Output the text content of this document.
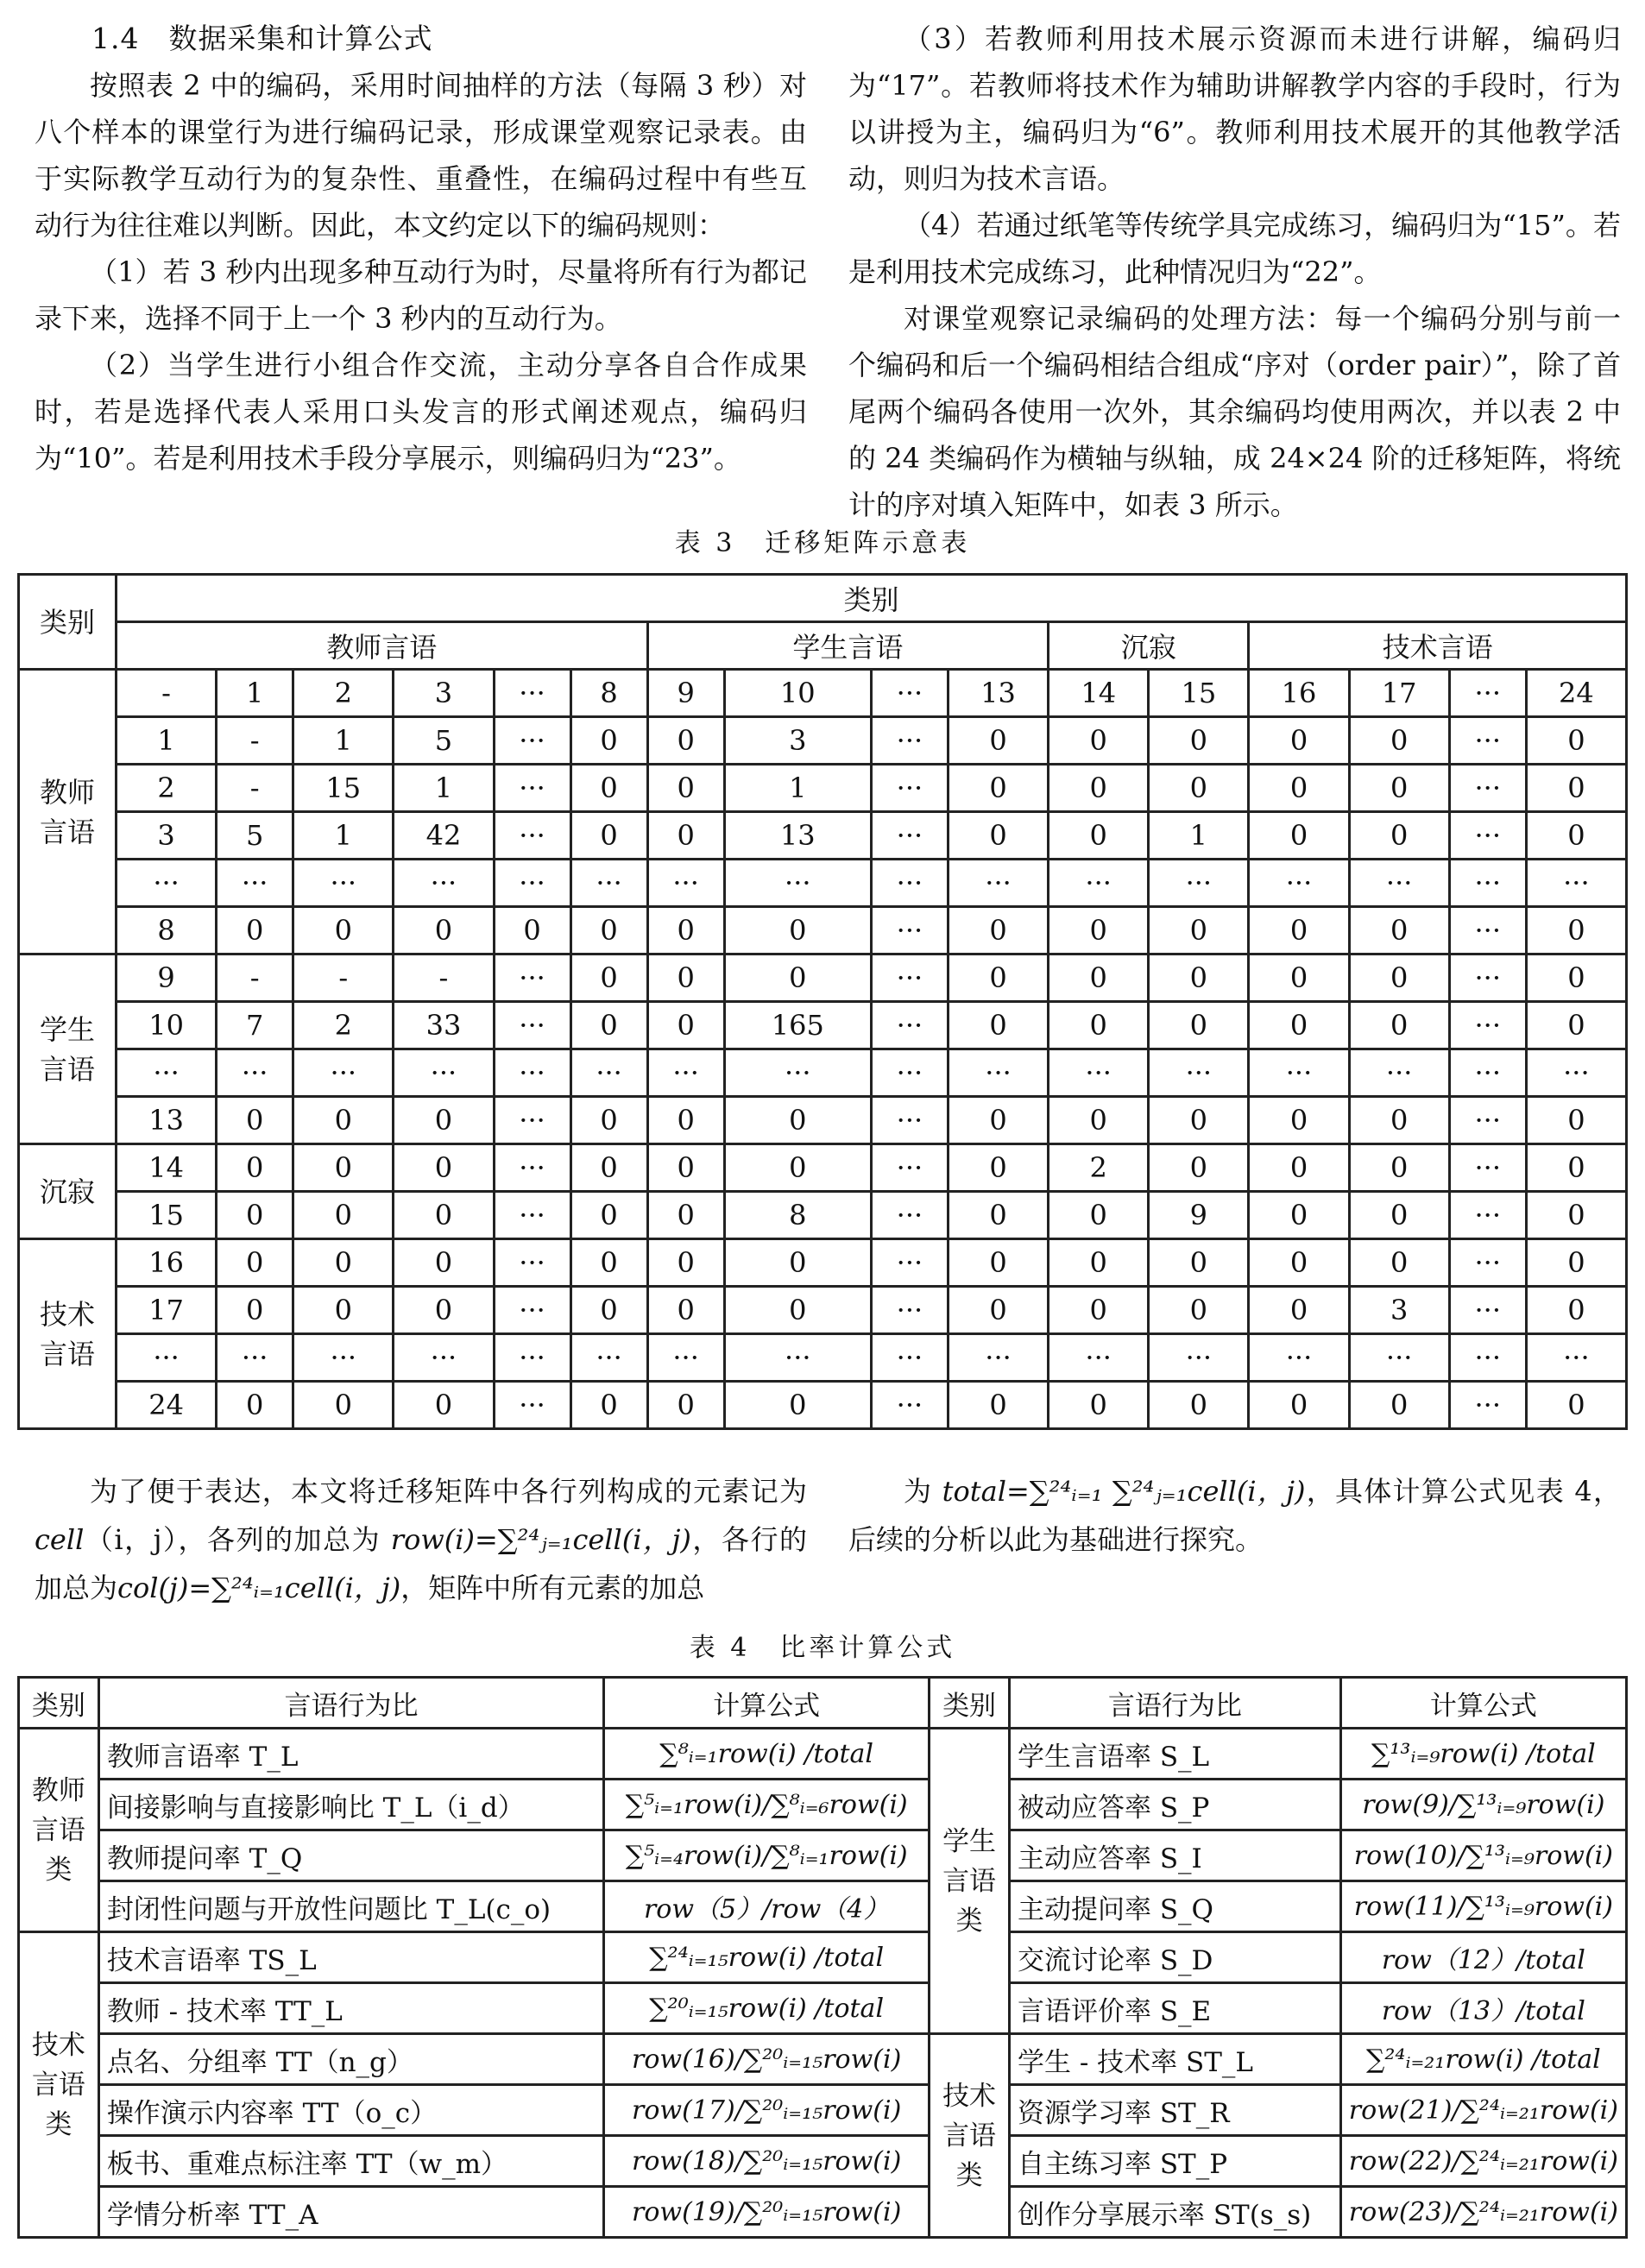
1.4　数据采集和计算公式

按照表 2 中的编码，采用时间抽样的方法（每隔 3 秒）对八个样本的课堂行为进行编码记录，形成课堂观察记录表。由于实际教学互动行为的复杂性、重叠性，在编码过程中有些互动行为往往难以判断。因此，本文约定以下的编码规则：

（1）若 3 秒内出现多种互动行为时，尽量将所有行为都记录下来，选择不同于上一个 3 秒内的互动行为。

（2）当学生进行小组合作交流，主动分享各自合作成果时，若是选择代表人采用口头发言的形式阐述观点，编码归为“10”。若是利用技术手段分享展示，则编码归为“23”。

（3）若教师利用技术展示资源而未进行讲解，编码归为“17”。若教师将技术作为辅助讲解教学内容的手段时，行为以讲授为主，编码归为“6”。教师利用技术展开的其他教学活动，则归为技术言语。

（4）若通过纸笔等传统学具完成练习，编码归为“15”。若是利用技术完成练习，此种情况归为“22”。

对课堂观察记录编码的处理方法：每一个编码分别与前一个编码和后一个编码相结合组成“序对（order pair）”，除了首尾两个编码各使用一次外，其余编码均使用两次，并以表 2 中的 24 类编码作为横轴与纵轴，成 24×24 阶的迁移矩阵，将统计的序对填入矩阵中，如表 3 所示。

表 3　迁移矩阵示意表
类别	类别															
	教师言语						学生言语				沉寂		技术言语			
教师
言语	-	1	2	3	···	8	9	10	···	13	14	15	16	17	···	24
	1	-	1	5	···	0	0	3	···	0	0	0	0	0	···	0
	2	-	15	1	···	0	0	1	···	0	0	0	0	0	···	0
	3	5	1	42	···	0	0	13	···	0	0	1	0	0	···	0
	···	···	···	···	···	···	···	···	···	···	···	···	···	···	···	···
	8	0	0	0	0	0	0	0	···	0	0	0	0	0	···	0
学生
言语	9	-	-	-	···	0	0	0	···	0	0	0	0	0	···	0
	10	7	2	33	···	0	0	165	···	0	0	0	0	0	···	0
	···	···	···	···	···	···	···	···	···	···	···	···	···	···	···	···
	13	0	0	0	···	0	0	0	···	0	0	0	0	0	···	0
沉寂	14	0	0	0	···	0	0	0	···	0	2	0	0	0	···	0
	15	0	0	0	···	0	0	8	···	0	0	9	0	0	···	0
技术
言语	16	0	0	0	···	0	0	0	···	0	0	0	0	0	···	0
	17	0	0	0	···	0	0	0	···	0	0	0	0	3	···	0
	···	···	···	···	···	···	···	···	···	···	···	···	···	···	···	···
	24	0	0	0	···	0	0	0	···	0	0	0	0	0	···	0

为了便于表达，本文将迁移矩阵中各行列构成的元素记为 cell（i，j），各列的加总为 row(i)=∑²⁴ⱼ₌₁cell(i，j)，各行的加总为col(j)=∑²⁴ᵢ₌₁cell(i，j)，矩阵中所有元素的加总

为 total=∑²⁴ᵢ₌₁ ∑²⁴ⱼ₌₁cell(i，j)，具体计算公式见表 4，后续的分析以此为基础进行探究。

表 4　比率计算公式
类别	言语行为比	计算公式	类别	言语行为比	计算公式
教师
言语
类	教师言语率 T_L	∑⁸ᵢ₌₁row(i) /total	学生
言语
类	学生言语率 S_L	∑¹³ᵢ₌₉row(i) /total
	间接影响与直接影响比 T_L（i_d）	∑⁵ᵢ₌₁row(i)/∑⁸ᵢ₌₆row(i)		被动应答率 S_P	row(9)/∑¹³ᵢ₌₉row(i)
	教师提问率 T_Q	∑⁵ᵢ₌₄row(i)/∑⁸ᵢ₌₁row(i)		主动应答率 S_I	row(10)/∑¹³ᵢ₌₉row(i)
	封闭性问题与开放性问题比 T_L(c_o)	row（5）/row（4）		主动提问率 S_Q	row(11)/∑¹³ᵢ₌₉row(i)
技术
言语
类	技术言语率 TS_L	∑²⁴ᵢ₌₁₅row(i) /total		交流讨论率 S_D	row（12）/total
	教师 - 技术率 TT_L	∑²⁰ᵢ₌₁₅row(i) /total		言语评价率 S_E	row（13）/total
	点名、分组率 TT（n_g）	row(16)/∑²⁰ᵢ₌₁₅row(i)	技术
言语
类	学生 - 技术率 ST_L	∑²⁴ᵢ₌₂₁row(i) /total
	操作演示内容率 TT（o_c）	row(17)/∑²⁰ᵢ₌₁₅row(i)		资源学习率 ST_R	row(21)/∑²⁴ᵢ₌₂₁row(i)
	板书、重难点标注率 TT（w_m）	row(18)/∑²⁰ᵢ₌₁₅row(i)		自主练习率 ST_P	row(22)/∑²⁴ᵢ₌₂₁row(i)
	学情分析率 TT_A	row(19)/∑²⁰ᵢ₌₁₅row(i)		创作分享展示率 ST(s_s)	row(23)/∑²⁴ᵢ₌₂₁row(i)
